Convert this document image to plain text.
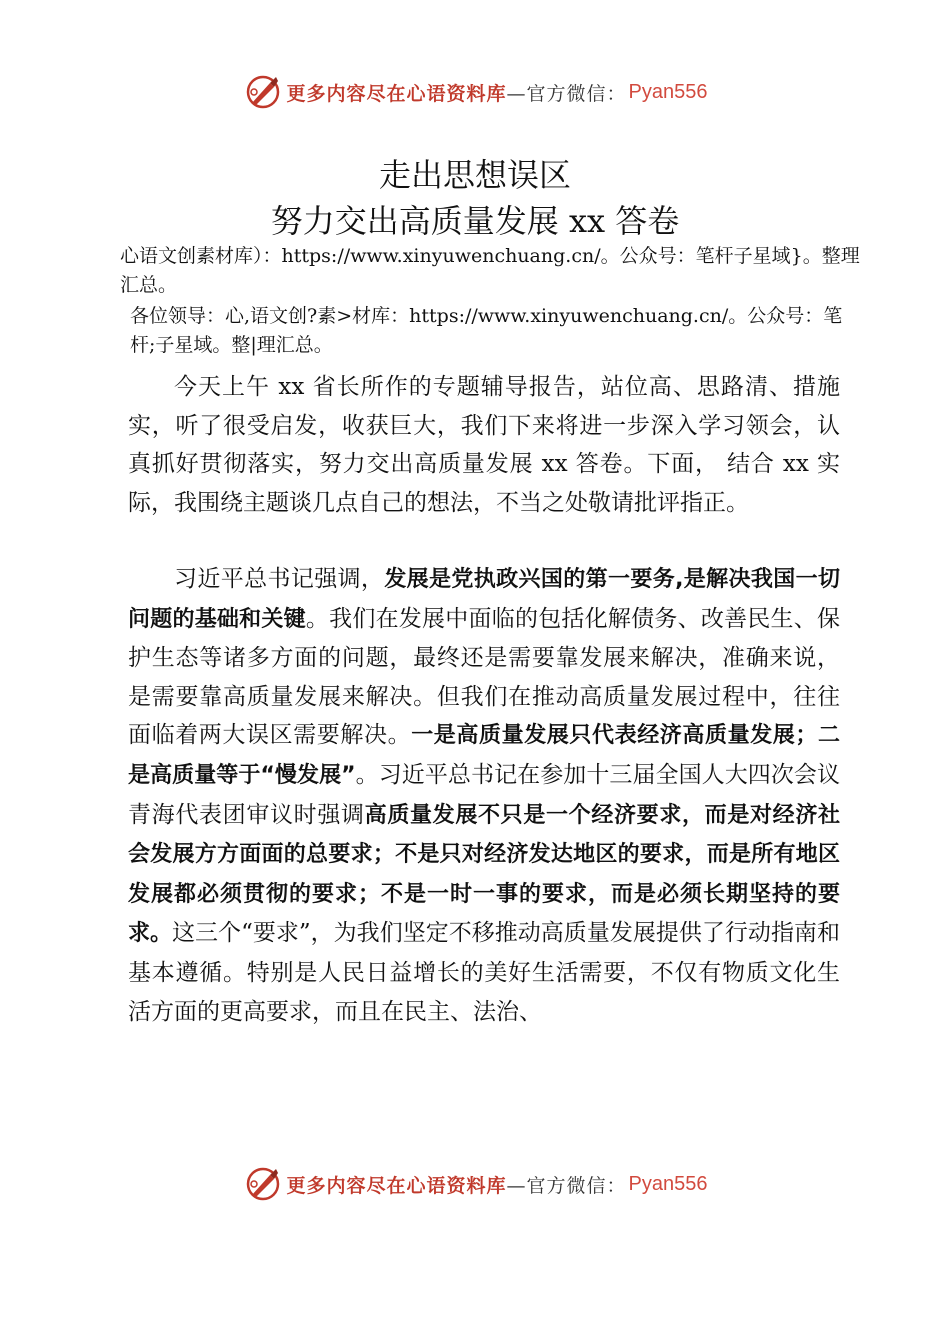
更多内容尽在心语资料库 —官方微信： Pyan556
走出思想误区
努力交出高质量发展 xx 答卷
心语文创素材库）：https://www.xinyuwenchuang.cn/。公众号：笔杆子星域}。整理汇总。
各位领导：心,语文创?素>材库：https://www.xinyuwenchuang.cn/。公众号：笔杆;子星域。整|理汇总。

今天上午 xx 省长所作的专题辅导报告，站位高、思路清、措施实，听了很受启发，收获巨大，我们下来将进一步深入学习领会，认真抓好贯彻落实，努力交出高质量发展 xx 答卷。下面， 结合 xx 实际，我围绕主题谈几点自己的想法，不当之处敬请批评指正。

习近平总书记强调，发展是党执政兴国的第一要务,是解决我国一切问题的基础和关键。我们在发展中面临的包括化解债务、改善民生、保护生态等诸多方面的问题，最终还是需要靠发展来解决，准确来说，是需要靠高质量发展来解决。但我们在推动高质量发展过程中，往往面临着两大误区需要解决。一是高质量发展只代表经济高质量发展；二是高质量等于“慢发展”。习近平总书记在参加十三届全国人大四次会议青海代表团审议时强调高质量发展不只是一个经济要求，而是对经济社会发展方方面面的总要求；不是只对经济发达地区的要求，而是所有地区发展都必须贯彻的要求；不是一时一事的要求，而是必须长期坚持的要求。这三个“要求”，为我们坚定不移推动高质量发展提供了行动指南和基本遵循。特别是人民日益增长的美好生活需要，不仅有物质文化生活方面的更高要求，而且在民主、法治、

更多内容尽在心语资料库 —官方微信： Pyan556
